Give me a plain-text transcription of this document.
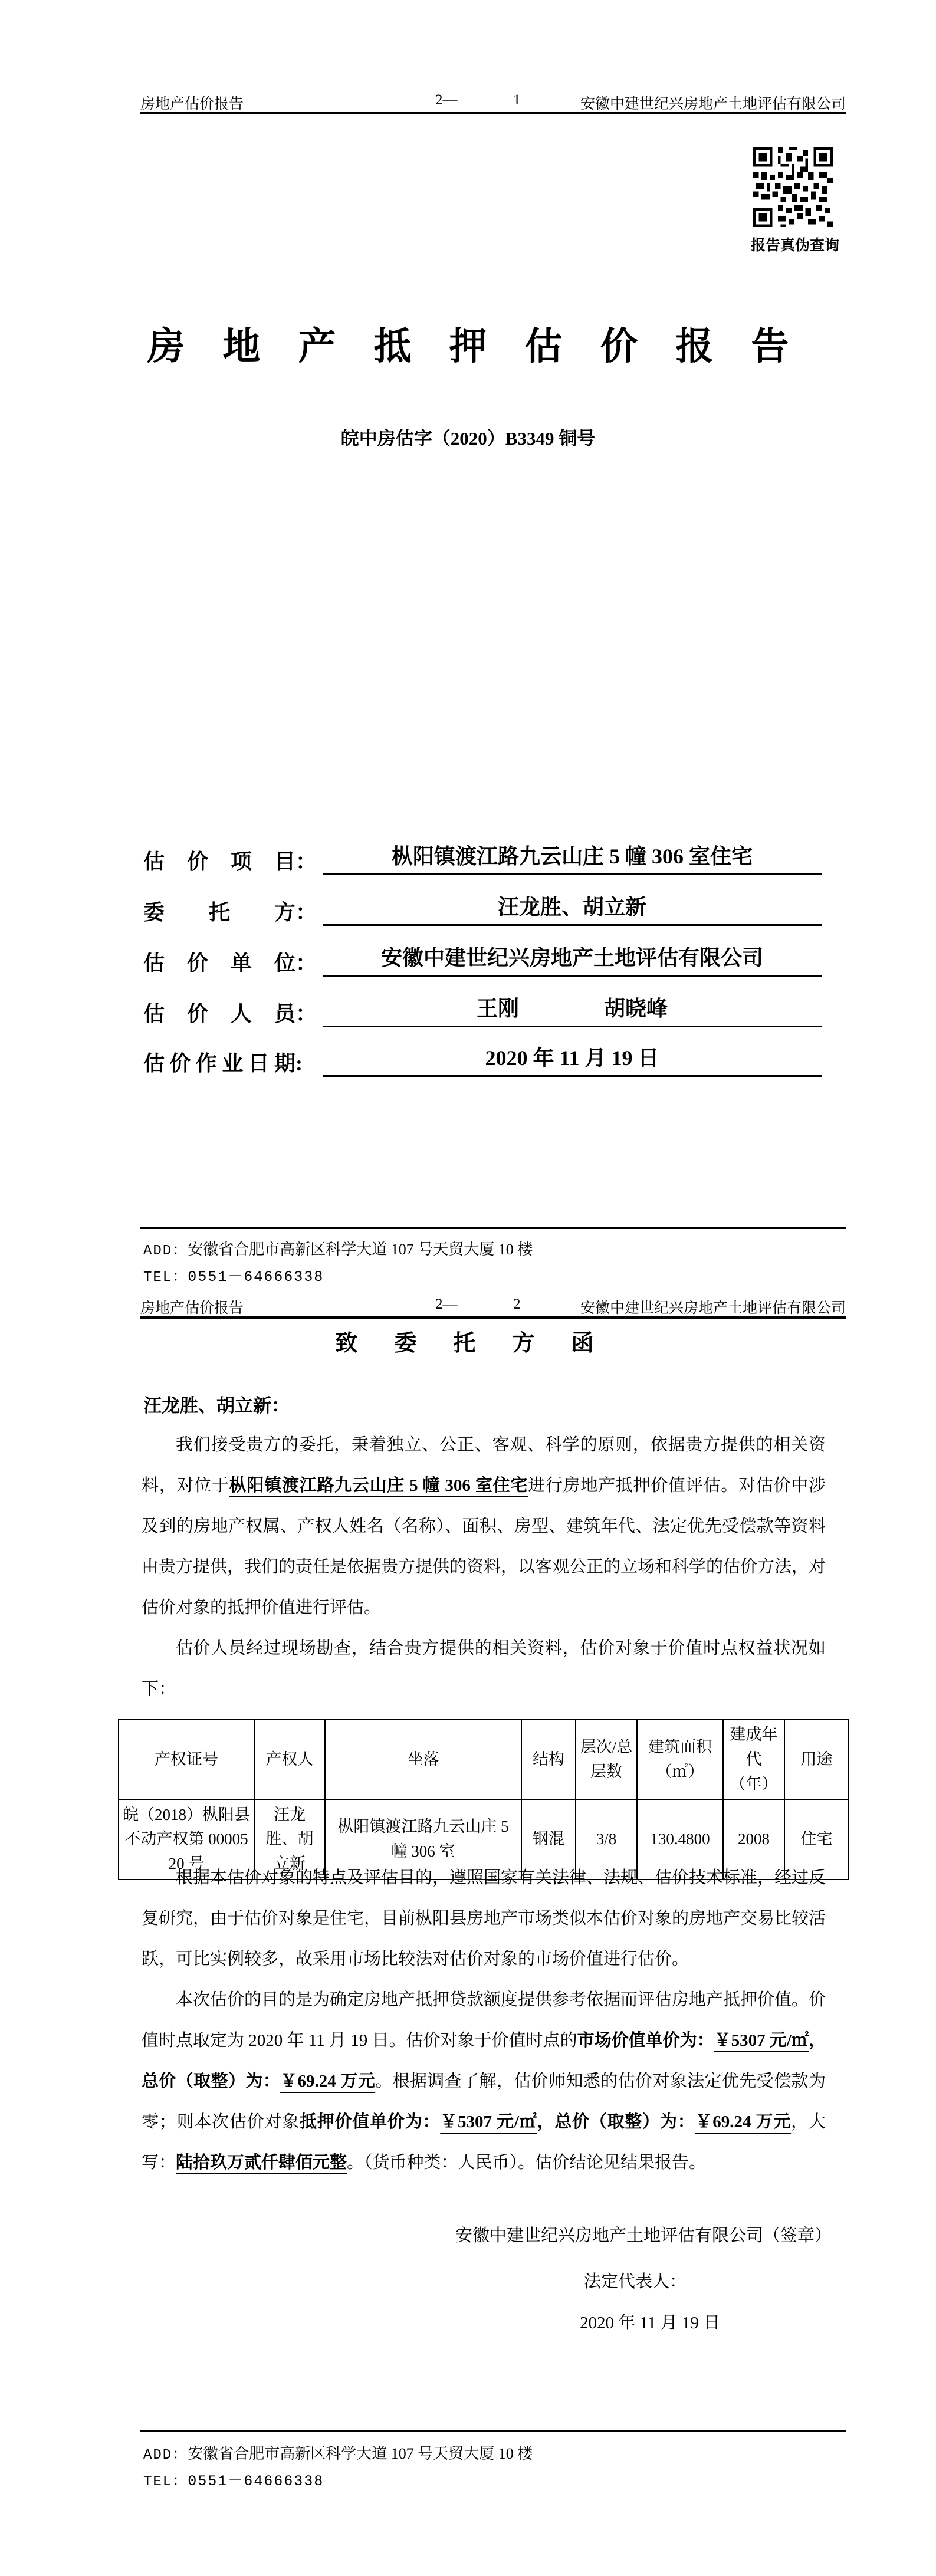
房地产估价报告	2—	1	安徽中建世纪兴房地产土地评估有限公司
报告真伪查询
房　地　产　抵　押　估　价　报　告
皖中房估字（2020）B3349 铜号
估价项目：	枞阳镇渡江路九云山庄 5 幢 306 室住宅
委托方：	汪龙胜、胡立新
估价单位：	安徽中建世纪兴房地产土地评估有限公司
估价人员：	王刚　　　　胡晓峰
估价作业日期:	2020 年 11 月 19 日
ADD：安徽省合肥市高新区科学大道 107 号天贸大厦 10 楼
TEL：0551－64666338
房地产估价报告	2—	2	安徽中建世纪兴房地产土地评估有限公司
致　委　托　方　函
汪龙胜、胡立新：

我们接受贵方的委托，秉着独立、公正、客观、科学的原则，依据贵方提供的相关资料，对位于枞阳镇渡江路九云山庄 5 幢 306 室住宅进行房地产抵押价值评估。对估价中涉及到的房地产权属、产权人姓名（名称）、面积、房型、建筑年代、法定优先受偿款等资料由贵方提供，我们的责任是依据贵方提供的资料，以客观公正的立场和科学的估价方法，对估价对象的抵押价值进行评估。

估价人员经过现场勘查，结合贵方提供的相关资料，估价对象于价值时点权益状况如下：

产权证号	产权人	坐落	结构	层次/总层数	建筑面积（㎡）	建成年代（年）	用途
皖（2018）枞阳县不动产权第 0000520 号	汪龙胜、胡立新	枞阳镇渡江路九云山庄 5 幢 306 室	钢混	3/8	130.4800	2008	住宅

根据本估价对象的特点及评估目的，遵照国家有关法律、法规、估价技术标准，经过反复研究，由于估价对象是住宅，目前枞阳县房地产市场类似本估价对象的房地产交易比较活跃，可比实例较多，故采用市场比较法对估价对象的市场价值进行估价。

本次估价的目的是为确定房地产抵押贷款额度提供参考依据而评估房地产抵押价值。价值时点取定为 2020 年 11 月 19 日。估价对象于价值时点的市场价值单价为：￥5307 元/㎡，总价（取整）为：￥69.24 万元。根据调查了解，估价师知悉的估价对象法定优先受偿款为零；则本次估价对象抵押价值单价为：￥5307 元/㎡，总价（取整）为：￥69.24 万元，大写：陆拾玖万贰仟肆佰元整。（货币种类：人民币）。估价结论见结果报告。

安徽中建世纪兴房地产土地评估有限公司（签章）
法定代表人：
2020 年 11 月 19 日
ADD：安徽省合肥市高新区科学大道 107 号天贸大厦 10 楼
TEL：0551－64666338
